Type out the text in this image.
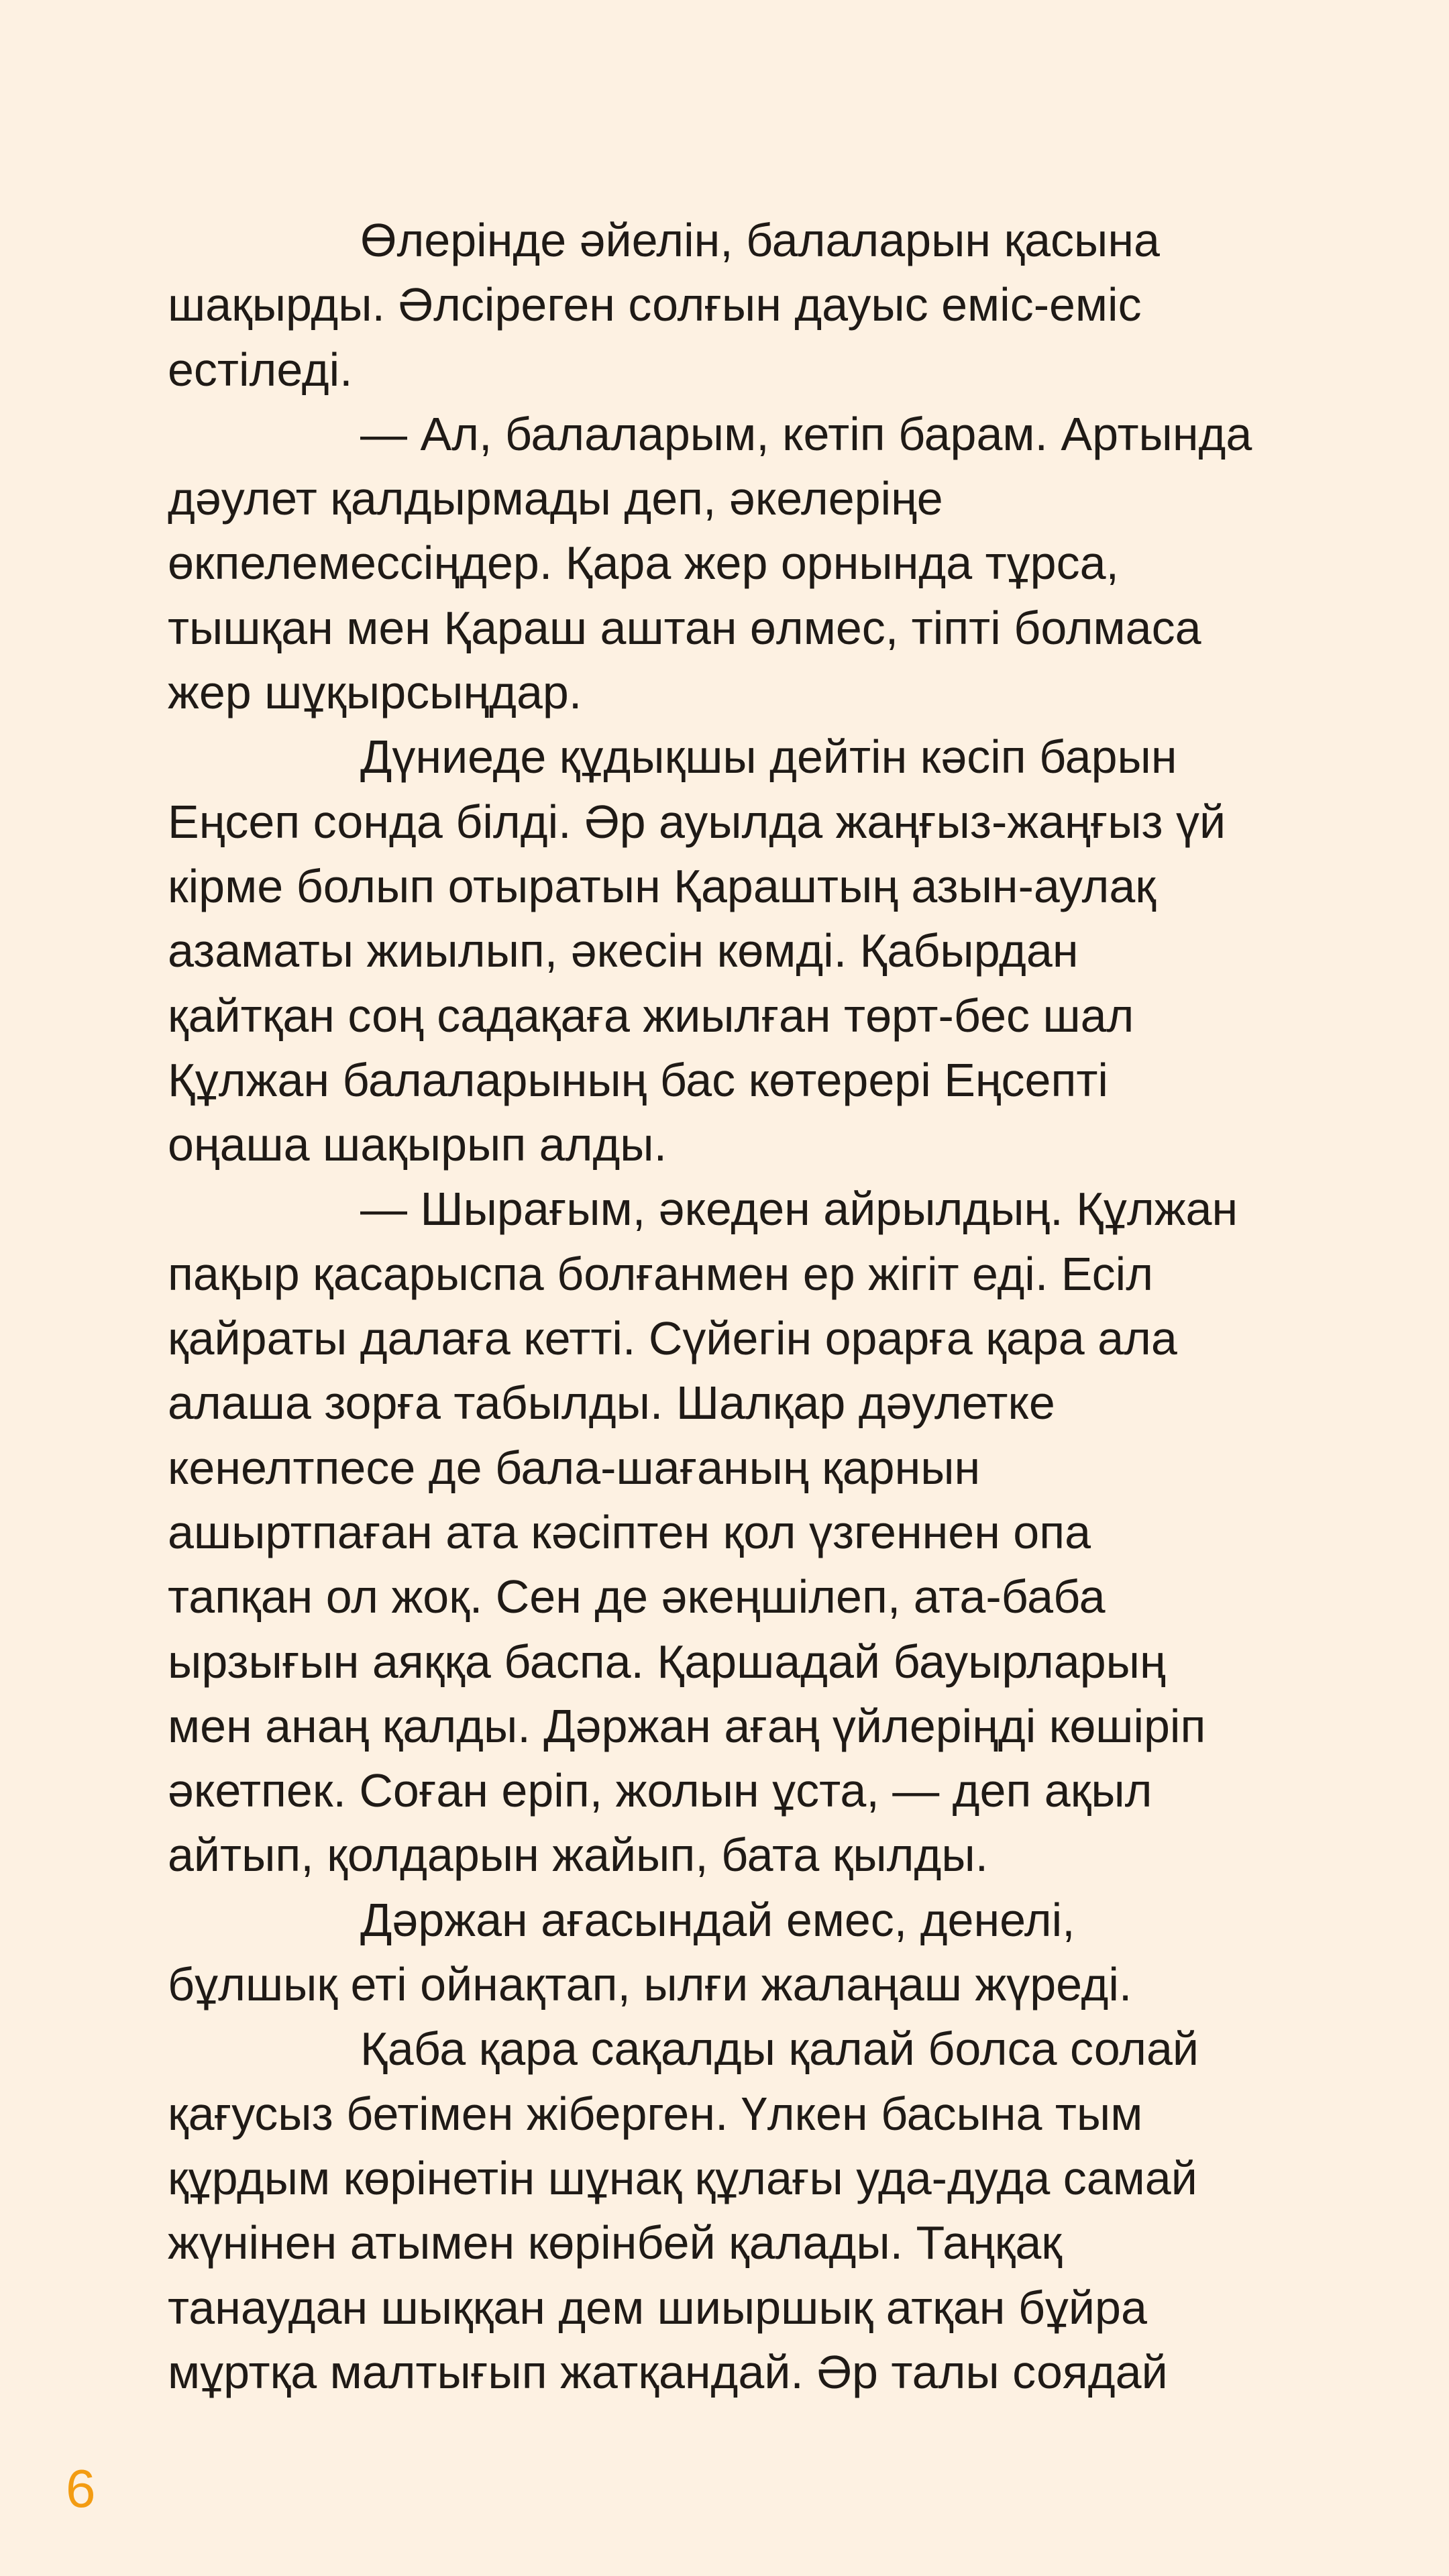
Өлерінде әйелін, балаларын қасына
шақырды. Әлсіреген солғын дауыс еміс-еміс
естіледі.
— Ал, балаларым, кетіп барам. Артында
дәулет қалдырмады деп, әкелеріңе
өкпелемессіңдер. Қара жер орнында тұрса,
тышқан мен Қараш аштан өлмес, тіпті болмаса
жер шұқырсыңдар.
Дүниеде құдықшы дейтін кәсіп барын
Еңсеп сонда білді. Әр ауылда жаңғыз-жаңғыз үй
кірме болып отыратын Қараштың азын-аулақ
азаматы жиылып, әкесін көмді. Қабырдан
қайтқан соң садақаға жиылған төрт-бес шал
Құлжан балаларының бас көтерері Еңсепті
оңаша шақырып алды.
— Шырағым, әкеден айрылдың. Құлжан
пақыр қасарыспа болғанмен ер жігіт еді. Есіл
қайраты далаға кетті. Сүйегін орарға қара ала
алаша зорға табылды. Шалқар дәулетке
кенелтпесе де бала-шағаның қарнын
ашыртпаған ата кәсіптен қол үзгеннен опа
тапқан ол жоқ. Сен де әкеңшілеп, ата-баба
ырзығын аяққа баспа. Қаршадай бауырларың
мен анаң қалды. Дәржан ағаң үйлеріңді көшіріп
әкетпек. Соған еріп, жолын ұста, — деп ақыл
айтып, қолдарын жайып, бата қылды.
Дәржан ағасындай емес, денелі,
бұлшық еті ойнақтап, ылғи жалаңаш жүреді.
Қаба қара сақалды қалай болса солай
қағусыз бетімен жіберген. Үлкен басына тым
құрдым көрінетін шұнақ құлағы уда-дуда самай
жүнінен атымен көрінбей қалады. Таңқақ
танаудан шыққан дем шиыршық атқан бұйра
мұртқа малтығып жатқандай. Әр талы соядай
6
